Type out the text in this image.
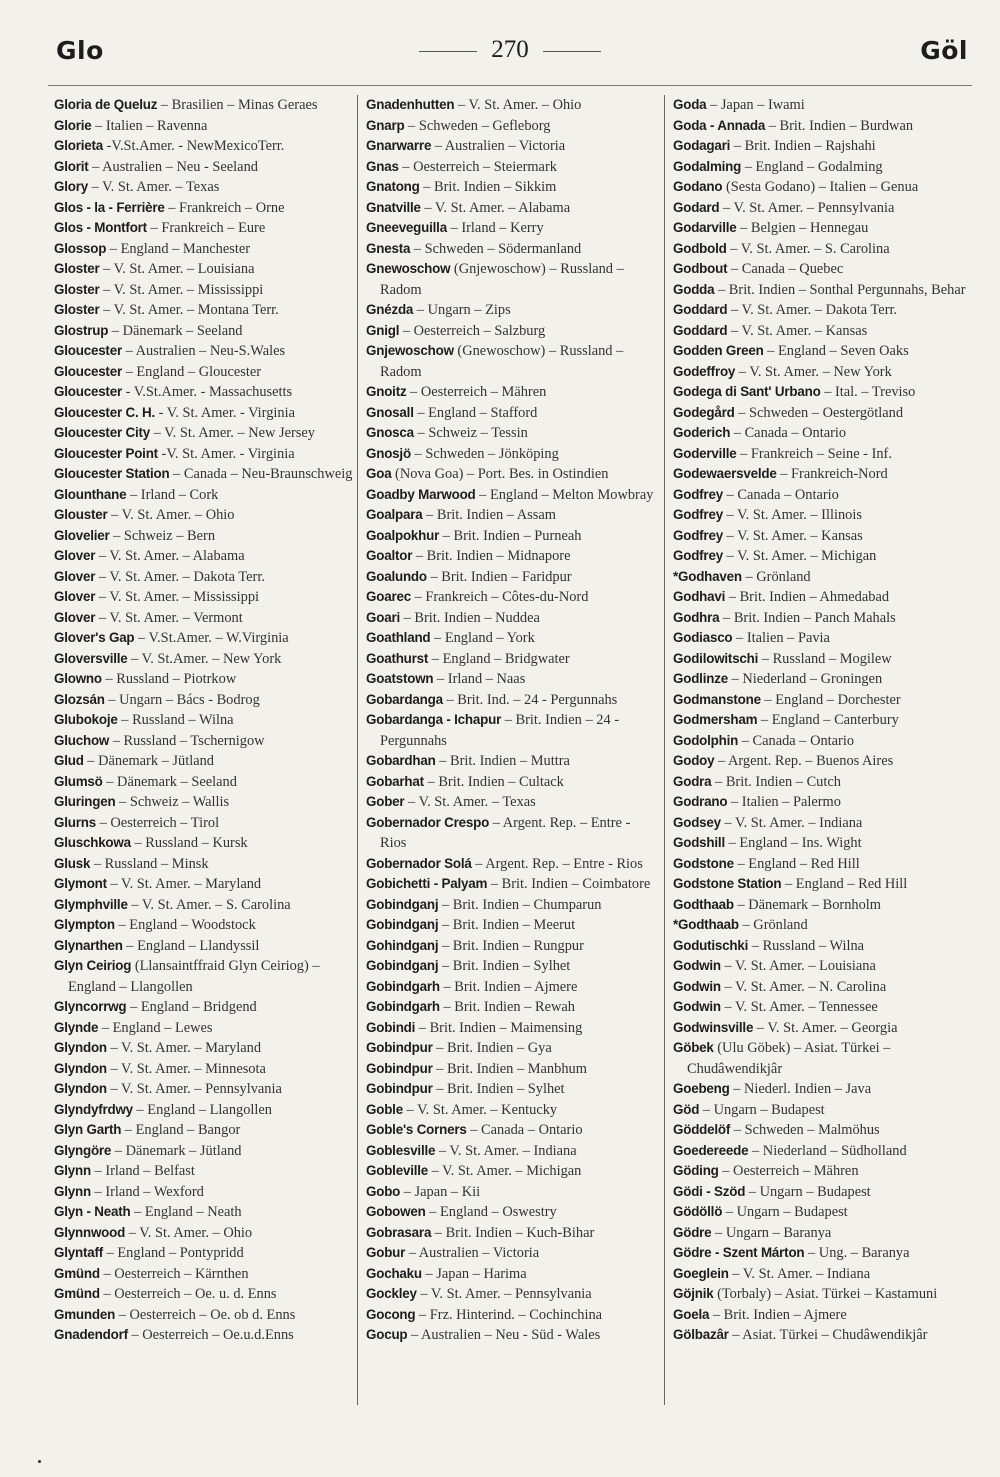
Glo	270	Göl

Gloria de Queluz – Brasilien – Minas Geraes

Glorie – Italien – Ravenna

Glorieta -V.St.Amer. - NewMexicoTerr.

Glorit – Australien – Neu - Seeland

Glory – V. St. Amer. – Texas

Glos - la - Ferrière – Frankreich – Orne

Glos - Montfort – Frankreich – Eure

Glossop – England – Manchester

Gloster – V. St. Amer. – Louisiana

Gloster – V. St. Amer. – Mississippi

Gloster – V. St. Amer. – Montana Terr.

Glostrup – Dänemark – Seeland

Gloucester – Australien – Neu-S.Wales

Gloucester – England – Gloucester

Gloucester - V.St.Amer. - Massachusetts

Gloucester C. H. - V. St. Amer. - Virginia

Gloucester City – V. St. Amer. – New Jersey

Gloucester Point -V. St. Amer. - Virginia

Gloucester Station – Canada – Neu-Braunschweig

Glounthane – Irland – Cork

Glouster – V. St. Amer. – Ohio

Glovelier – Schweiz – Bern

Glover – V. St. Amer. – Alabama

Glover – V. St. Amer. – Dakota Terr.

Glover – V. St. Amer. – Mississippi

Glover – V. St. Amer. – Vermont

Glover's Gap – V.St.Amer. – W.Virginia

Gloversville – V. St.Amer. – New York

Glowno – Russland – Piotrkow

Glozsán – Ungarn – Bács - Bodrog

Glubokoje – Russland – Wilna

Gluchow – Russland – Tschernigow

Glud – Dänemark – Jütland

Glumsö – Dänemark – Seeland

Gluringen – Schweiz – Wallis

Glurns – Oesterreich – Tirol

Gluschkowa – Russland – Kursk

Glusk – Russland – Minsk

Glymont – V. St. Amer. – Maryland

Glymphville – V. St. Amer. – S. Carolina

Glympton – England – Woodstock

Glynarthen – England – Llandyssil

Glyn Ceiriog (Llansaintffraid Glyn Ceiriog) – England – Llangollen

Glyncorrwg – England – Bridgend

Glynde – England – Lewes

Glyndon – V. St. Amer. – Maryland

Glyndon – V. St. Amer. – Minnesota

Glyndon – V. St. Amer. – Pennsylvania

Glyndyfrdwy – England – Llangollen

Glyn Garth – England – Bangor

Glyngöre – Dänemark – Jütland

Glynn – Irland – Belfast

Glynn – Irland – Wexford

Glyn - Neath – England – Neath

Glynnwood – V. St. Amer. – Ohio

Glyntaff – England – Pontypridd

Gmünd – Oesterreich – Kärnthen

Gmünd – Oesterreich – Oe. u. d. Enns

Gmunden – Oesterreich – Oe. ob d. Enns

Gnadendorf – Oesterreich – Oe.u.d.Enns

Gnadenhutten – V. St. Amer. – Ohio

Gnarp – Schweden – Gefleborg

Gnarwarre – Australien – Victoria

Gnas – Oesterreich – Steiermark

Gnatong – Brit. Indien – Sikkim

Gnatville – V. St. Amer. – Alabama

Gneeveguilla – Irland – Kerry

Gnesta – Schweden – Södermanland

Gnewoschow (Gnjewoschow) – Russland – Radom

Gnézda – Ungarn – Zips

Gnigl – Oesterreich – Salzburg

Gnjewoschow (Gnewoschow) – Russland – Radom

Gnoitz – Oesterreich – Mähren

Gnosall – England – Stafford

Gnosca – Schweiz – Tessin

Gnosjö – Schweden – Jönköping

Goa (Nova Goa) – Port. Bes. in Ostindien

Goadby Marwood – England – Melton Mowbray

Goalpara – Brit. Indien – Assam

Goalpokhur – Brit. Indien – Purneah

Goaltor – Brit. Indien – Midnapore

Goalundo – Brit. Indien – Faridpur

Goarec – Frankreich – Côtes-du-Nord

Goari – Brit. Indien – Nuddea

Goathland – England – York

Goathurst – England – Bridgwater

Goatstown – Irland – Naas

Gobardanga – Brit. Ind. – 24 - Pergunnahs

Gobardanga - Ichapur – Brit. Indien – 24 - Pergunnahs

Gobardhan – Brit. Indien – Muttra

Gobarhat – Brit. Indien – Cultack

Gober – V. St. Amer. – Texas

Gobernador Crespo – Argent. Rep. – Entre - Rios

Gobernador Solá – Argent. Rep. – Entre - Rios

Gobichetti - Palyam – Brit. Indien – Coimbatore

Gobindganj – Brit. Indien – Chumparun

Gobindganj – Brit. Indien – Meerut

Gohindganj – Brit. Indien – Rungpur

Gobindganj – Brit. Indien – Sylhet

Gobindgarh – Brit. Indien – Ajmere

Gobindgarh – Brit. Indien – Rewah

Gobindi – Brit. Indien – Maimensing

Gobindpur – Brit. Indien – Gya

Gobindpur – Brit. Indien – Manbhum

Gobindpur – Brit. Indien – Sylhet

Goble – V. St. Amer. – Kentucky

Goble's Corners – Canada – Ontario

Goblesville – V. St. Amer. – Indiana

Gobleville – V. St. Amer. – Michigan

Gobo – Japan – Kii

Gobowen – England – Oswestry

Gobrasara – Brit. Indien – Kuch-Bihar

Gobur – Australien – Victoria

Gochaku – Japan – Harima

Gockley – V. St. Amer. – Pennsylvania

Gocong – Frz. Hinterind. – Cochinchina

Gocup – Australien – Neu - Süd - Wales

Goda – Japan – Iwami

Goda - Annada – Brit. Indien – Burdwan

Godagari – Brit. Indien – Rajshahi

Godalming – England – Godalming

Godano (Sesta Godano) – Italien – Genua

Godard – V. St. Amer. – Pennsylvania

Godarville – Belgien – Hennegau

Godbold – V. St. Amer. – S. Carolina

Godbout – Canada – Quebec

Godda – Brit. Indien – Sonthal Pergunnahs, Behar

Goddard – V. St. Amer. – Dakota Terr.

Goddard – V. St. Amer. – Kansas

Godden Green – England – Seven Oaks

Godeffroy – V. St. Amer. – New York

Godega di Sant' Urbano – Ital. – Treviso

Godegård – Schweden – Oestergötland

Goderich – Canada – Ontario

Goderville – Frankreich – Seine - Inf.

Godewaersvelde – Frankreich-Nord

Godfrey – Canada – Ontario

Godfrey – V. St. Amer. – Illinois

Godfrey – V. St. Amer. – Kansas

Godfrey – V. St. Amer. – Michigan

*Godhaven – Grönland

Godhavi – Brit. Indien – Ahmedabad

Godhra – Brit. Indien – Panch Mahals

Godiasco – Italien – Pavia

Godilowitschi – Russland – Mogilew

Godlinze – Niederland – Groningen

Godmanstone – England – Dorchester

Godmersham – England – Canterbury

Godolphin – Canada – Ontario

Godoy – Argent. Rep. – Buenos Aires

Godra – Brit. Indien – Cutch

Godrano – Italien – Palermo

Godsey – V. St. Amer. – Indiana

Godshill – England – Ins. Wight

Godstone – England – Red Hill

Godstone Station – England – Red Hill

Godthaab – Dänemark – Bornholm

*Godthaab – Grönland

Godutischki – Russland – Wilna

Godwin – V. St. Amer. – Louisiana

Godwin – V. St. Amer. – N. Carolina

Godwin – V. St. Amer. – Tennessee

Godwinsville – V. St. Amer. – Georgia

Göbek (Ulu Göbek) – Asiat. Türkei – Chudâwendikjâr

Goebeng – Niederl. Indien – Java

Göd – Ungarn – Budapest

Göddelöf – Schweden – Malmöhus

Goedereede – Niederland – Südholland

Göding – Oesterreich – Mähren

Gödi - Szöd – Ungarn – Budapest

Gödöllö – Ungarn – Budapest

Gödre – Ungarn – Baranya

Gödre - Szent Márton – Ung. – Baranya

Goeglein – V. St. Amer. – Indiana

Göjnik (Torbaly) – Asiat. Türkei – Kastamuni

Goela – Brit. Indien – Ajmere

Gölbazâr – Asiat. Türkei – Chudâwendikjâr
